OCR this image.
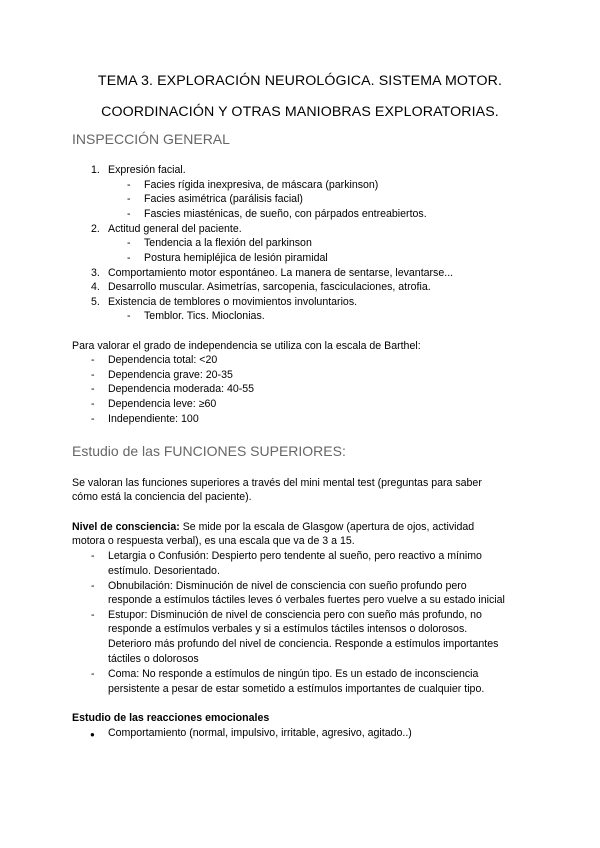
TEMA 3. EXPLORACIÓN NEUROLÓGICA. SISTEMA MOTOR.
COORDINACIÓN Y OTRAS MANIOBRAS EXPLORATORIAS.
INSPECCIÓN GENERAL
1. Expresión facial.
- Facies rígida inexpresiva, de máscara (parkinson)
- Facies asimétrica (parálisis facial)
- Fascies miasténicas, de sueño, con párpados entreabiertos.
2. Actitud general del paciente.
- Tendencia a la flexión del parkinson
- Postura hemipléjica de lesión piramidal
3. Comportamiento motor espontáneo. La manera de sentarse, levantarse...
4. Desarrollo muscular. Asimetrías, sarcopenia, fasciculaciones, atrofia.
5. Existencia de temblores o movimientos involuntarios.
- Temblor. Tics. Mioclonias.
Para valorar el grado de independencia se utiliza con la escala de Barthel:
- Dependencia total: <20
- Dependencia grave: 20-35
- Dependencia moderada: 40-55
- Dependencia leve: ≥60
- Independiente: 100
Estudio de las FUNCIONES SUPERIORES:
Se valoran las funciones superiores a través del mini mental test (preguntas para saber
cómo está la conciencia del paciente).
Nivel de consciencia: Se mide por la escala de Glasgow (apertura de ojos, actividad
motora o respuesta verbal), es una escala que va de 3 a 15.
- Letargia o Confusión: Despierto pero tendente al sueño, pero reactivo a mínimo
estímulo. Desorientado.
- Obnubilación: Disminución de nivel de consciencia con sueño profundo pero
responde a estímulos táctiles leves ó verbales fuertes pero vuelve a su estado inicial
- Estupor: Disminución de nivel de consciencia pero con sueño más profundo, no
responde a estímulos verbales y si a estímulos táctiles intensos o dolorosos.
Deterioro más profundo del nivel de conciencia. Responde a estímulos importantes
táctiles o dolorosos
- Coma: No responde a estímulos de ningún tipo. Es un estado de inconsciencia
persistente a pesar de estar sometido a estímulos importantes de cualquier tipo.
Estudio de las reacciones emocionales
● Comportamiento (normal, impulsivo, irritable, agresivo, agitado..)
